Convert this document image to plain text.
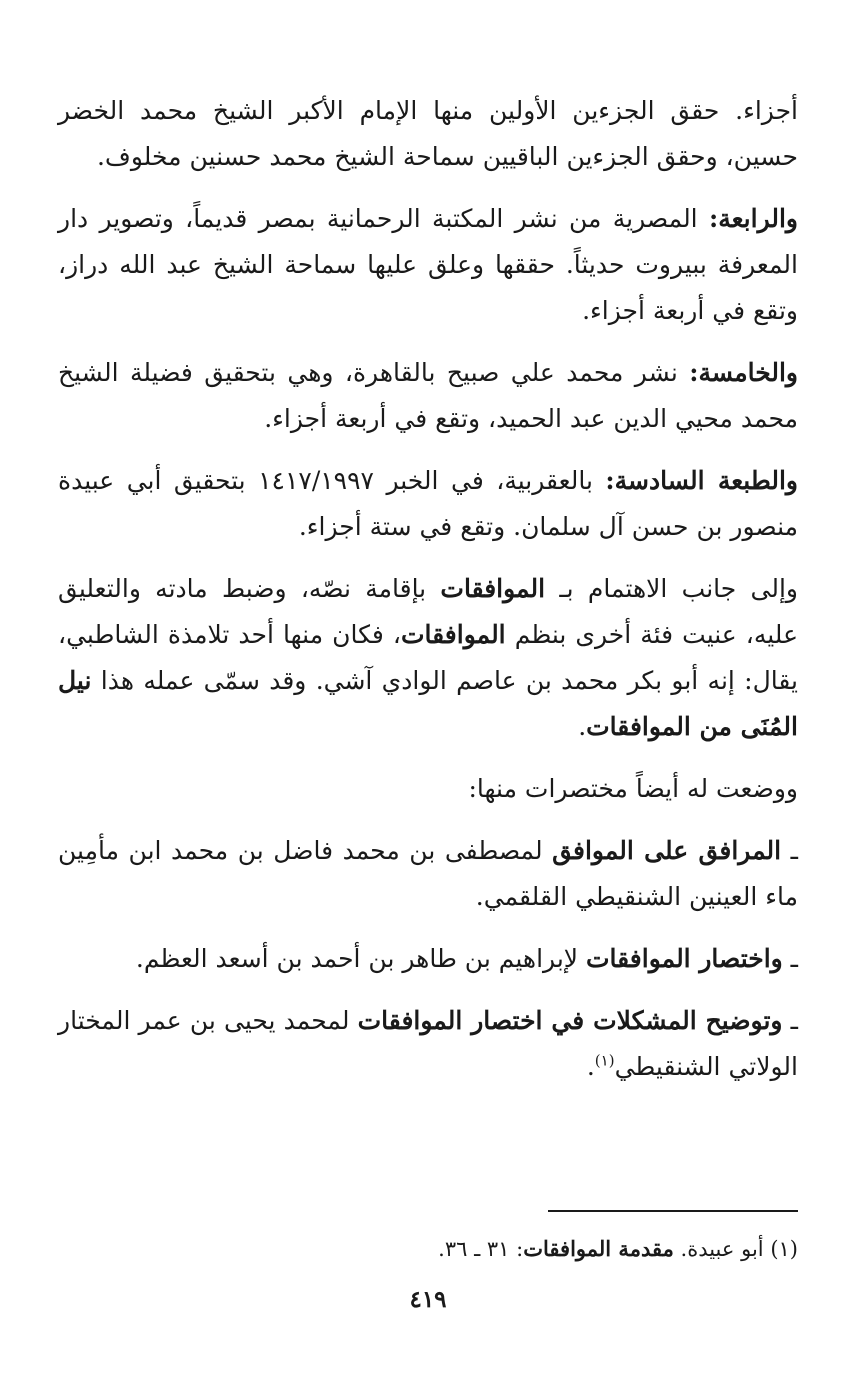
أجزاء. حقق الجزءين الأولين منها الإمام الأكبر الشيخ محمد الخضر حسين، وحقق الجزءين الباقيين سماحة الشيخ محمد حسنين مخلوف.

والرابعة: المصرية من نشر المكتبة الرحمانية بمصر قديماً، وتصوير دار المعرفة ببيروت حديثاً. حققها وعلق عليها سماحة الشيخ عبد الله دراز، وتقع في أربعة أجزاء.

والخامسة: نشر محمد علي صبيح بالقاهرة، وهي بتحقيق فضيلة الشيخ محمد محيي الدين عبد الحميد، وتقع في أربعة أجزاء.

والطبعة السادسة: بالعقربية، في الخبر ١٤١٧/١٩٩٧ بتحقيق أبي عبيدة منصور بن حسن آل سلمان. وتقع في ستة أجزاء.

وإلى جانب الاهتمام بـ الموافقات بإقامة نصّه، وضبط مادته والتعليق عليه، عنيت فئة أخرى بنظم الموافقات، فكان منها أحد تلامذة الشاطبي، يقال: إنه أبو بكر محمد بن عاصم الوادي آشي. وقد سمّى عمله هذا نيل المُنَى من الموافقات.

ووضعت له أيضاً مختصرات منها:

ـ المرافق على الموافق لمصطفى بن محمد فاضل بن محمد ابن مأمِين ماء العينين الشنقيطي القلقمي.

ـ واختصار الموافقات لإبراهيم بن طاهر بن أحمد بن أسعد العظم.

ـ وتوضيح المشكلات في اختصار الموافقات لمحمد يحيى بن عمر المختار الولاتي الشنقيطي$^{(١)}$.

(١) أبو عبيدة. مقدمة الموافقات: ٣١ ـ ٣٦.
٤١٩
